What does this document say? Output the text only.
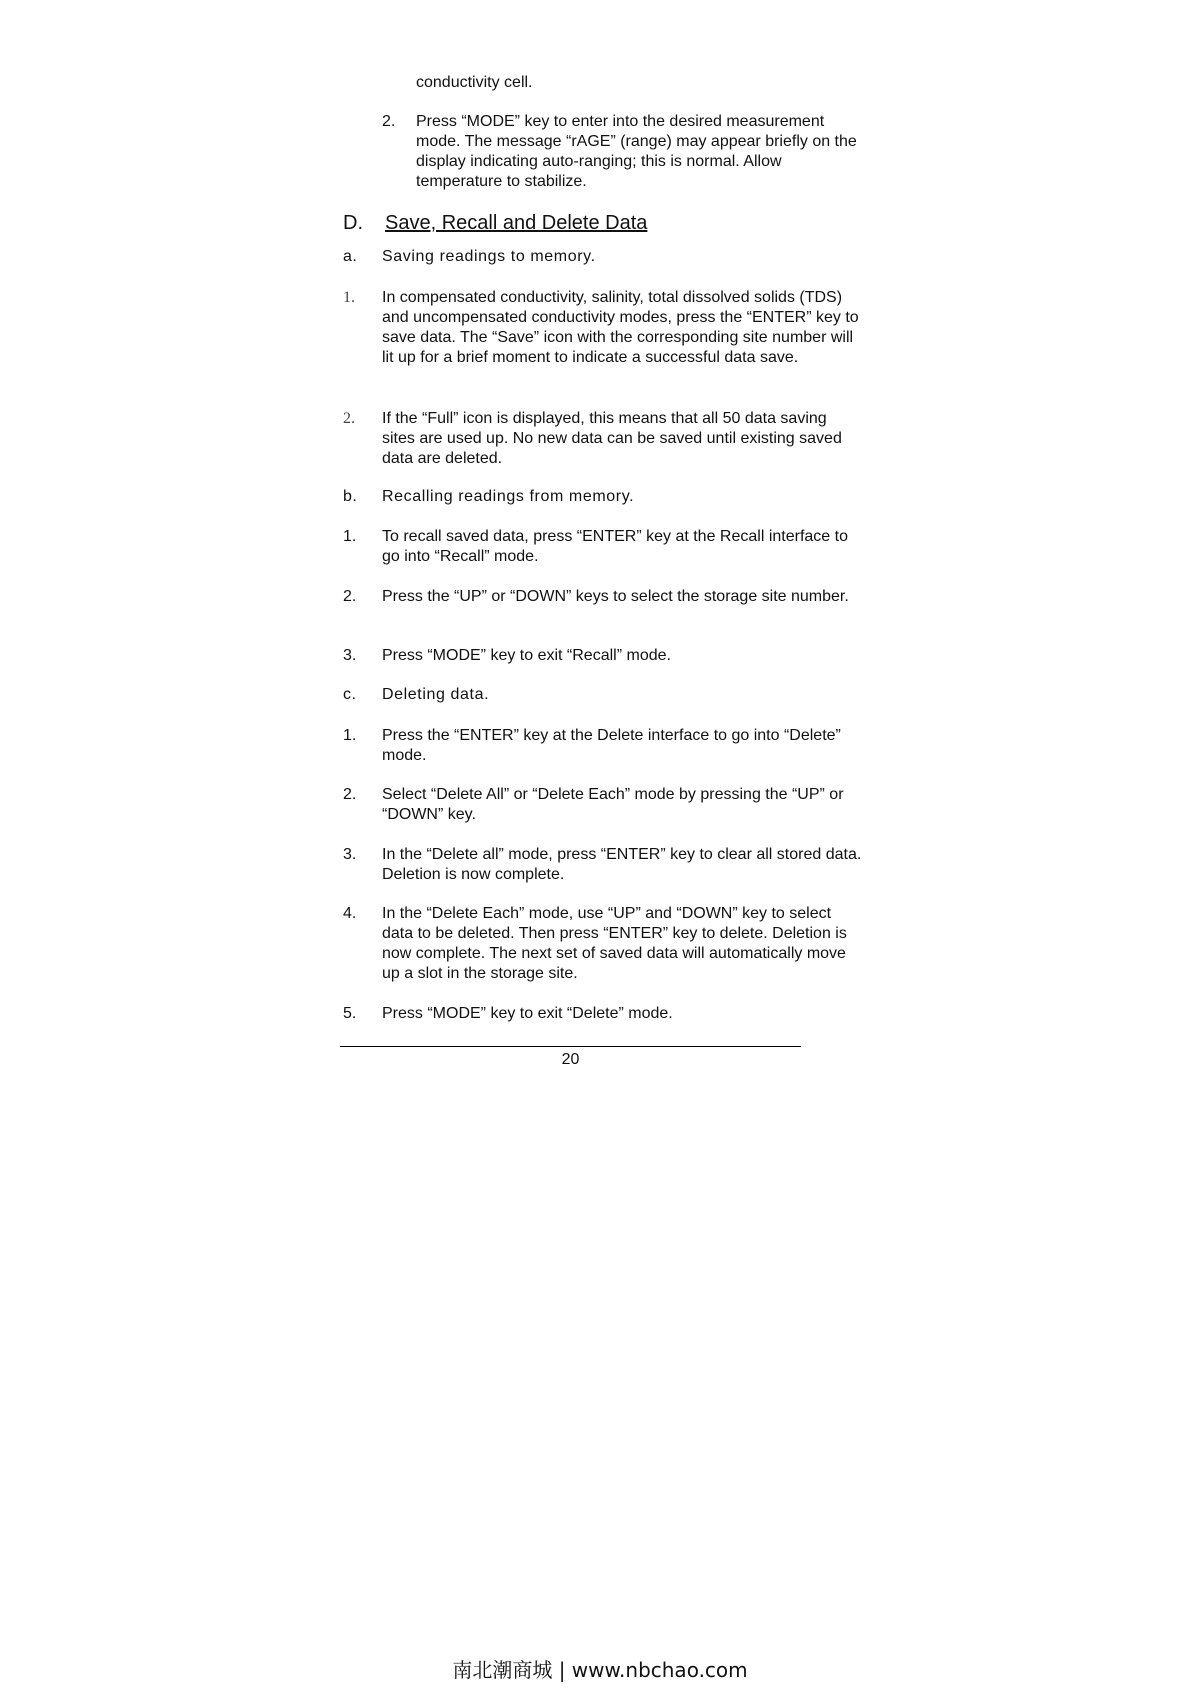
conductivity cell.
2.	Press “MODE” key to enter into the desired measurement mode. The message “rAGE” (range) may appear briefly on the display indicating auto-ranging; this is normal. Allow temperature to stabilize.
D.	Save, Recall and Delete Data
a.	Saving readings to memory.
1.	In compensated conductivity, salinity, total dissolved solids (TDS) and uncompensated conductivity modes, press the “ENTER” key to save data. The “Save” icon with the corresponding site number will lit up for a brief moment to indicate a successful data save.
2.	If the “Full” icon is displayed, this means that all 50 data saving sites are used up. No new data can be saved until existing saved data are deleted.
b.	Recalling readings from memory.
1.	To recall saved data, press “ENTER” key at the Recall interface to go into “Recall” mode.
2.	Press the “UP” or “DOWN” keys to select the storage site number.
3.	Press “MODE” key to exit “Recall” mode.
c.	Deleting data.
1.	Press the “ENTER” key at the Delete interface to go into “Delete” mode.
2.	Select “Delete All” or “Delete Each” mode by pressing the “UP” or “DOWN” key.
3.	In the “Delete all” mode, press “ENTER” key to clear all stored data. Deletion is now complete.
4.	In the “Delete Each” mode, use “UP” and “DOWN” key to select data to be deleted. Then press “ENTER” key to delete. Deletion is now complete. The next set of saved data will automatically move up a slot in the storage site.
5.	Press “MODE” key to exit “Delete” mode.
20
南北潮商城 | www.nbchao.com
